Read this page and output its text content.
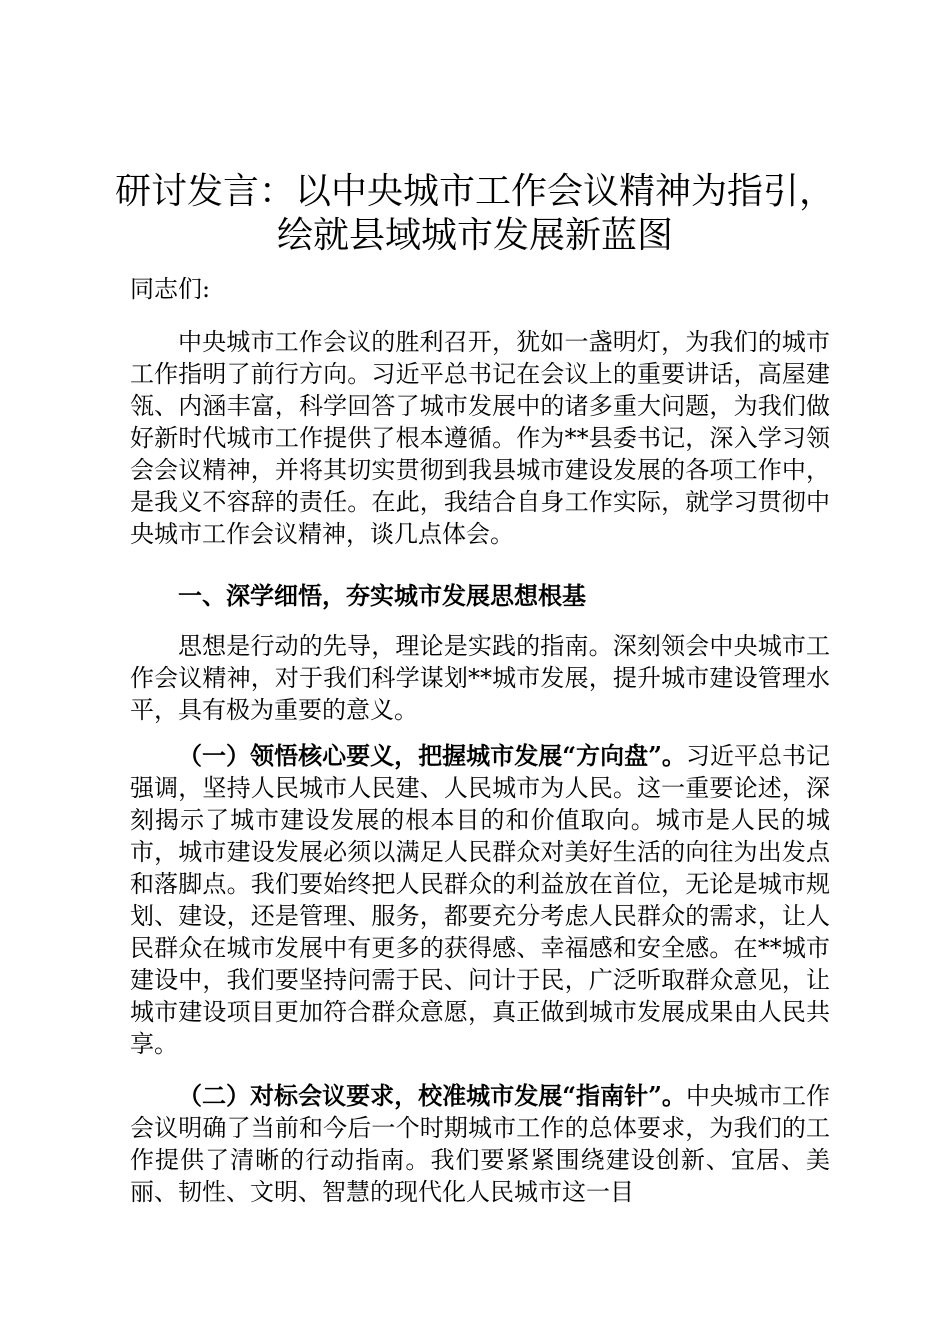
研讨发言：以中央城市工作会议精神为指引，
绘就县域城市发展新蓝图

同志们:

中央城市工作会议的胜利召开，犹如一盏明灯，为我们的城市工作指明了前行方向。习近平总书记在会议上的重要讲话，高屋建瓴、内涵丰富，科学回答了城市发展中的诸多重大问题，为我们做好新时代城市工作提供了根本遵循。作为**县委书记，深入学习领会会议精神，并将其切实贯彻到我县城市建设发展的各项工作中，是我义不容辞的责任。在此，我结合自身工作实际，就学习贯彻中央城市工作会议精神，谈几点体会。

一、深学细悟，夯实城市发展思想根基

思想是行动的先导，理论是实践的指南。深刻领会中央城市工作会议精神，对于我们科学谋划**城市发展，提升城市建设管理水平，具有极为重要的意义。

（一）领悟核心要义，把握城市发展“方向盘”。习近平总书记强调，坚持人民城市人民建、人民城市为人民。这一重要论述，深刻揭示了城市建设发展的根本目的和价值取向。城市是人民的城市，城市建设发展必须以满足人民群众对美好生活的向往为出发点和落脚点。我们要始终把人民群众的利益放在首位，无论是城市规划、建设，还是管理、服务，都要充分考虑人民群众的需求，让人民群众在城市发展中有更多的获得感、幸福感和安全感。在**城市建设中，我们要坚持问需于民、问计于民，广泛听取群众意见，让城市建设项目更加符合群众意愿，真正做到城市发展成果由人民共享。

（二）对标会议要求，校准城市发展“指南针”。中央城市工作会议明确了当前和今后一个时期城市工作的总体要求，为我们的工作提供了清晰的行动指南。我们要紧紧围绕建设创新、宜居、美丽、韧性、文明、智慧的现代化人民城市这一目
